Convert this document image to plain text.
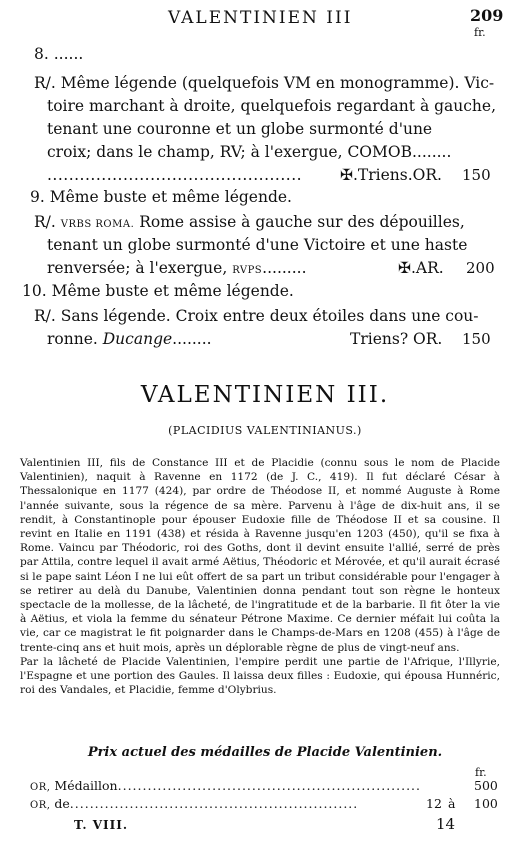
VALENTINIEN III	209
fr.
8. ......
R/. Même légende (quelquefois VM en monogramme). Vic-
toire marchant à droite, quelquefois regardant à gauche,
tenant une couronne et un globe surmonté d'une
croix; dans le champ, RV; à l'exergue, COMOB........
............................................... ✠.Triens.OR. 150
9. Même buste et même légende.
R/. VRBS ROMA. Rome assise à gauche sur des dépouilles,
tenant un globe surmonté d'une Victoire et une haste
renversée; à l'exergue, RVPS.........	✠.AR. 200
10. Même buste et même légende.
R/. Sans légende. Croix entre deux étoiles dans une cou-
ronne. Ducange........	Triens? OR. 150
VALENTINIEN III.
(PLACIDIUS VALENTINIANUS.)

Valentinien III, fils de Constance III et de Placidie (connu sous le nom de Placide Valentinien), naquit à Ravenne en 1172 (de J. C., 419). Il fut déclaré César à Thessalonique en 1177 (424), par ordre de Théodose II, et nommé Auguste à Rome l'année suivante, sous la régence de sa mère. Parvenu à l'âge de dix-huit ans, il se rendit, à Constantinople pour épouser Eudoxie fille de Théodose II et sa cousine. Il revint en Italie en 1191 (438) et résida à Ravenne jusqu'en 1203 (450), qu'il se fixa à Rome. Vaincu par Théodoric, roi des Goths, dont il devint ensuite l'allié, serré de près par Attila, contre lequel il avait armé Aëtius, Théodoric et Mérovée, et qu'il aurait écrasé si le pape saint Léon I ne lui eût offert de sa part un tribut considérable pour l'engager à se retirer au delà du Danube, Valentinien donna pendant tout son règne le honteux spectacle de la mollesse, de la lâcheté, de l'ingratitude et de la barbarie. Il fit ôter la vie à Aëtius, et viola la femme du sénateur Pétrone Maxime. Ce dernier méfait lui coûta la vie, car ce magistrat le fit poignarder dans le Champs-de-Mars en 1208 (455) à l'âge de trente-cinq ans et huit mois, après un déplorable règne de plus de vingt-neuf ans.

Par la lâcheté de Placide Valentinien, l'empire perdit une partie de l'Afrique, l'Illyrie, l'Espagne et une portion des Gaules. Il laissa deux filles : Eudoxie, qui épousa Hunnéric, roi des Vandales, et Placidie, femme d'Olybrius.

Prix actuel des médailles de Placide Valentinien.
fr.
OR, Médaillon.............................................................	500
OR, de..........................................................	12 à 100
T. VIII.	14
